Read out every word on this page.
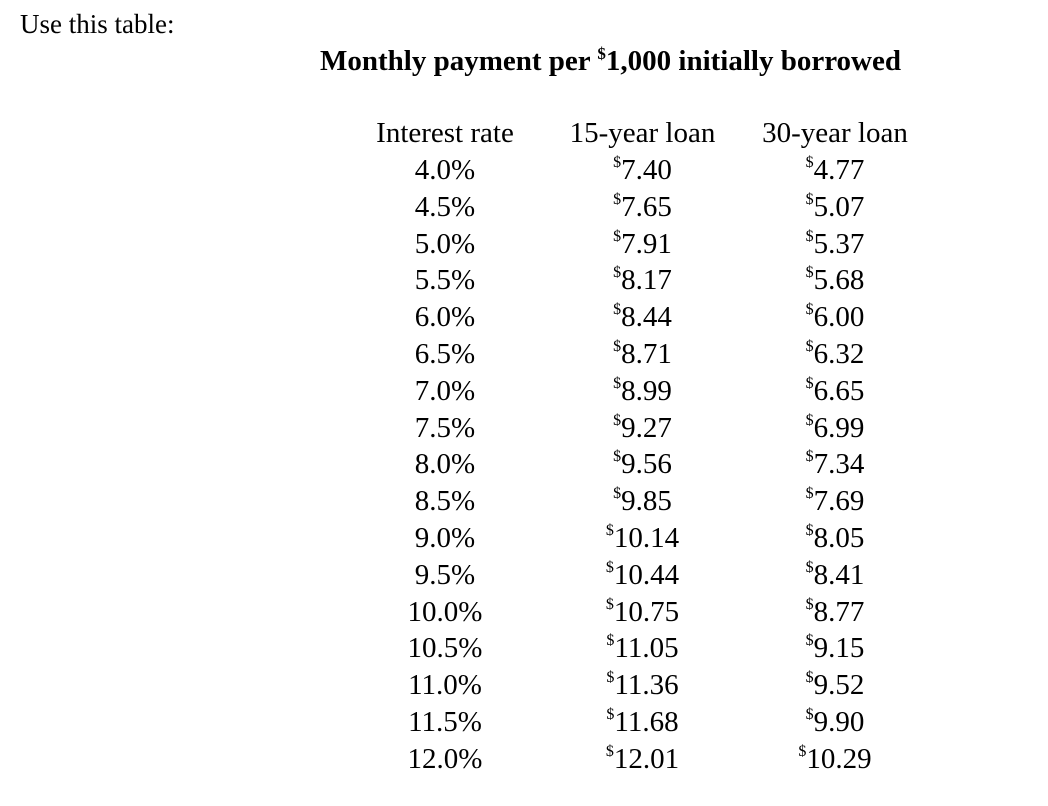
Use this table:
Monthly payment per $1,000 initially borrowed
Interest rate	15-year loan	30-year loan
4.0%	$7.40	$4.77
4.5%	$7.65	$5.07
5.0%	$7.91	$5.37
5.5%	$8.17	$5.68
6.0%	$8.44	$6.00
6.5%	$8.71	$6.32
7.0%	$8.99	$6.65
7.5%	$9.27	$6.99
8.0%	$9.56	$7.34
8.5%	$9.85	$7.69
9.0%	$10.14	$8.05
9.5%	$10.44	$8.41
10.0%	$10.75	$8.77
10.5%	$11.05	$9.15
11.0%	$11.36	$9.52
11.5%	$11.68	$9.90
12.0%	$12.01	$10.29
